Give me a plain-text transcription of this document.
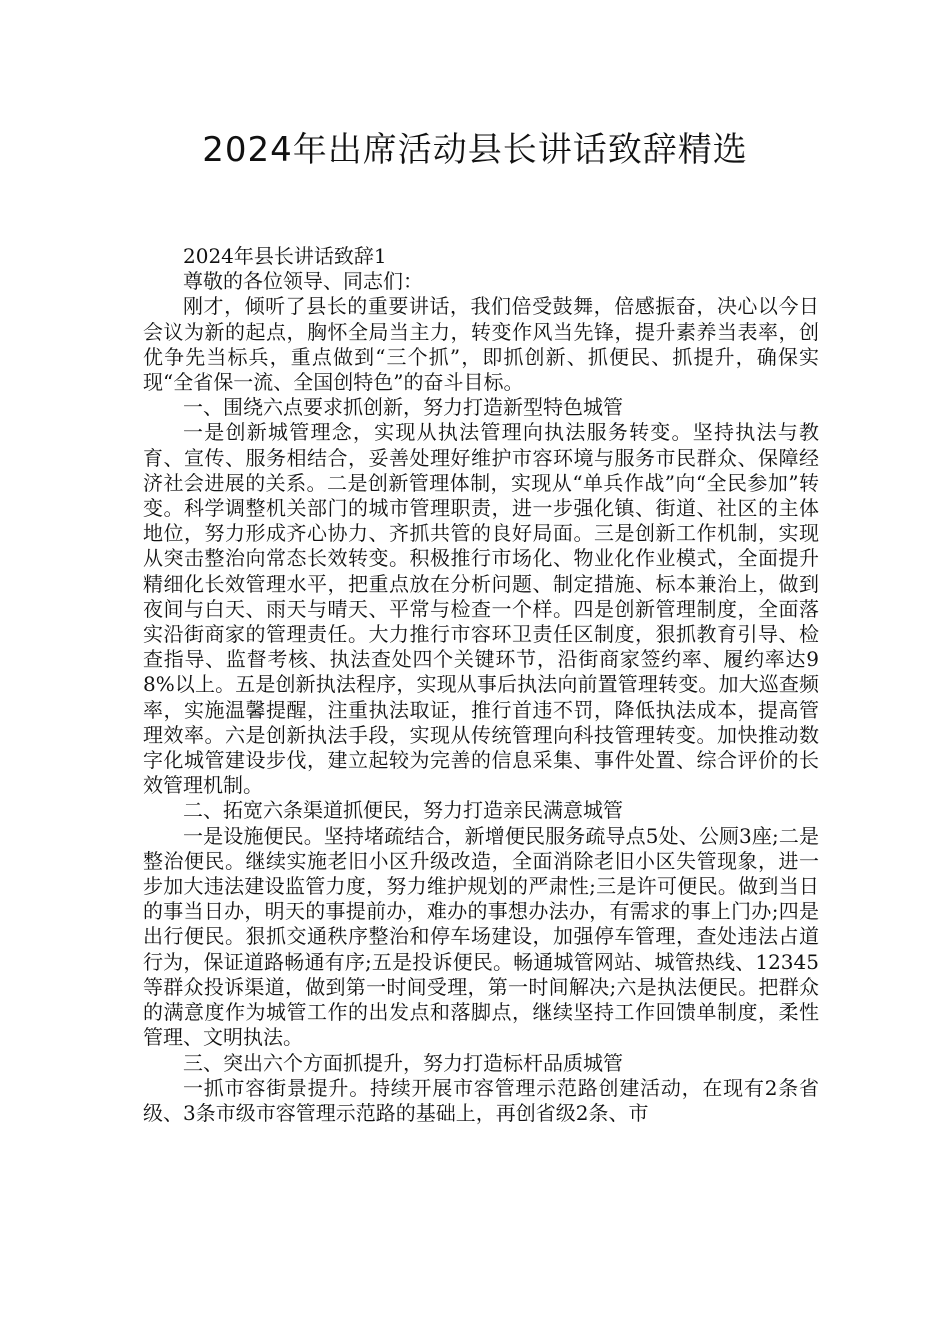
2024年出席活动县长讲话致辞精选

2024年县长讲话致辞1

尊敬的各位领导、同志们：

刚才，倾听了县长的重要讲话，我们倍受鼓舞，倍感振奋，决心以今日会议为新的起点，胸怀全局当主力，转变作风当先锋，提升素养当表率，创优争先当标兵，重点做到“三个抓”，即抓创新、抓便民、抓提升，确保实现“全省保一流、全国创特色”的奋斗目标。

一、围绕六点要求抓创新，努力打造新型特色城管

一是创新城管理念，实现从执法管理向执法服务转变。坚持执法与教育、宣传、服务相结合，妥善处理好维护市容环境与服务市民群众、保障经济社会进展的关系。二是创新管理体制，实现从“单兵作战”向“全民参加”转变。科学调整机关部门的城市管理职责，进一步强化镇、街道、社区的主体地位，努力形成齐心协力、齐抓共管的良好局面。三是创新工作机制，实现从突击整治向常态长效转变。积极推行市场化、物业化作业模式，全面提升精细化长效管理水平，把重点放在分析问题、制定措施、标本兼治上，做到夜间与白天、雨天与晴天、平常与检查一个样。四是创新管理制度，全面落实沿街商家的管理责任。大力推行市容环卫责任区制度，狠抓教育引导、检查指导、监督考核、执法查处四个关键环节，沿街商家签约率、履约率达98%以上。五是创新执法程序，实现从事后执法向前置管理转变。加大巡查频率，实施温馨提醒，注重执法取证，推行首违不罚，降低执法成本，提高管理效率。六是创新执法手段，实现从传统管理向科技管理转变。加快推动数字化城管建设步伐，建立起较为完善的信息采集、事件处置、综合评价的长效管理机制。

二、拓宽六条渠道抓便民，努力打造亲民满意城管

一是设施便民。坚持堵疏结合，新增便民服务疏导点5处、公厕3座;二是整治便民。继续实施老旧小区升级改造，全面消除老旧小区失管现象，进一步加大违法建设监管力度，努力维护规划的严肃性;三是许可便民。做到当日的事当日办，明天的事提前办，难办的事想办法办，有需求的事上门办;四是出行便民。狠抓交通秩序整治和停车场建设，加强停车管理，查处违法占道行为，保证道路畅通有序;五是投诉便民。畅通城管网站、城管热线、12345等群众投诉渠道，做到第一时间受理，第一时间解决;六是执法便民。把群众的满意度作为城管工作的出发点和落脚点，继续坚持工作回馈单制度，柔性管理、文明执法。

三、突出六个方面抓提升，努力打造标杆品质城管

一抓市容街景提升。持续开展市容管理示范路创建活动，在现有2条省级、3条市级市容管理示范路的基础上，再创省级2条、市
